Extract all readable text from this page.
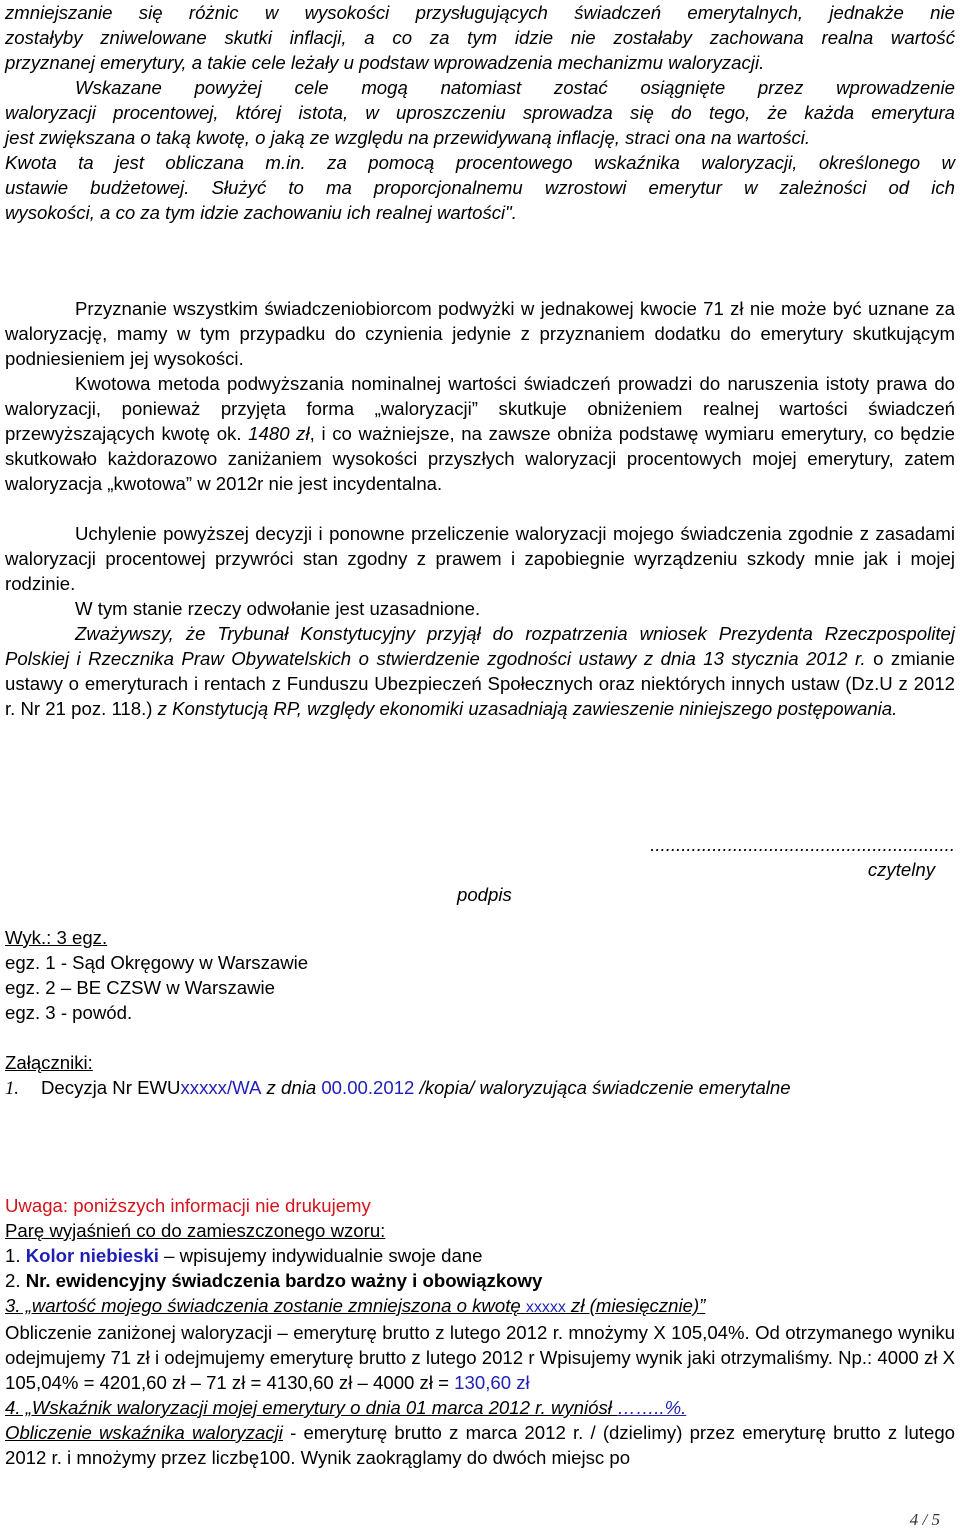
zmniejszanie się różnic w wysokości przysługujących świadczeń emerytalnych, jednakże nie

zostałyby zniwelowane skutki inflacji, a co za tym idzie nie zostałaby zachowana realna wartość

przyznanej emerytury, a takie cele leżały u podstaw wprowadzenia mechanizmu waloryzacji.

Wskazane powyżej cele mogą natomiast zostać osiągnięte przez wprowadzenie

waloryzacji procentowej, której istota, w uproszczeniu sprowadza się do tego, że każda emerytura

jest zwiększana o taką kwotę, o jaką ze względu na przewidywaną inflację, straci ona na wartości.

Kwota ta jest obliczana m.in. za pomocą procentowego wskaźnika waloryzacji, określonego w

ustawie budżetowej. Służyć to ma proporcjonalnemu wzrostowi emerytur w zależności od ich

wysokości, a co za tym idzie zachowaniu ich realnej wartości".

Przyznanie wszystkim świadczeniobiorcom podwyżki w jednakowej kwocie 71 zł nie może być uznane za waloryzację, mamy w tym przypadku do czynienia jedynie z przyznaniem dodatku do emerytury skutkującym podniesieniem jej wysokości.

Kwotowa metoda podwyższania nominalnej wartości świadczeń prowadzi do naruszenia istoty prawa do waloryzacji, ponieważ przyjęta forma „waloryzacji” skutkuje obniżeniem realnej wartości świadczeń przewyższających kwotę ok. 1480 zł, i co ważniejsze, na zawsze obniża podstawę wymiaru emerytury, co będzie skutkowało każdorazowo zaniżaniem wysokości przyszłych waloryzacji procentowych mojej emerytury, zatem waloryzacja „kwotowa” w 2012r nie jest incydentalna.

Uchylenie powyższej decyzji i ponowne przeliczenie waloryzacji mojego świadczenia zgodnie z zasadami waloryzacji procentowej przywróci stan zgodny z prawem i zapobiegnie wyrządzeniu szkody mnie jak i mojej rodzinie.

W tym stanie rzeczy odwołanie jest uzasadnione.

Zważywszy, że Trybunał Konstytucyjny przyjął do rozpatrzenia wniosek Prezydenta Rzeczpospolitej Polskiej i Rzecznika Praw Obywatelskich o stwierdzenie zgodności ustawy z dnia 13 stycznia 2012 r. o zmianie ustawy o emeryturach i rentach z Funduszu Ubezpieczeń Społecznych oraz niektórych innych ustaw (Dz.U z 2012 r. Nr 21 poz. 118.) z Konstytucją RP, względy ekonomiki uzasadniają zawieszenie niniejszego postępowania.

...........................................................
czytelny
podpis

Wyk.: 3 egz.

egz. 1 - Sąd Okręgowy w Warszawie

egz. 2 – BE CZSW w Warszawie

egz. 3 - powód.

Załączniki:

1. Decyzja Nr EWUxxxxx/WA z dnia 00.00.2012 /kopia/ waloryzująca świadczenie emerytalne

Uwaga: poniższych informacji nie drukujemy

Parę wyjaśnień co do zamieszczonego wzoru:

1. Kolor niebieski – wpisujemy indywidualnie swoje dane

2. Nr. ewidencyjny świadczenia bardzo ważny i obowiązkowy

3. „wartość mojego świadczenia zostanie zmniejszona o kwotę xxxxx zł (miesięcznie)”

Obliczenie zaniżonej waloryzacji – emeryturę brutto z lutego 2012 r. mnożymy X 105,04%. Od otrzymanego wyniku odejmujemy 71 zł i odejmujemy emeryturę brutto z lutego 2012 r Wpisujemy wynik jaki otrzymaliśmy. Np.: 4000 zł X 105,04% = 4201,60 zł – 71 zł = 4130,60 zł – 4000 zł = 130,60 zł

4. „Wskaźnik waloryzacji mojej emerytury o dnia 01 marca 2012 r. wyniósł ……..%.

Obliczenie wskaźnika waloryzacji - emeryturę brutto z marca 2012 r. / (dzielimy) przez emeryturę brutto z lutego 2012 r. i mnożymy przez liczbę100. Wynik zaokrąglamy do dwóch miejsc po

4 / 5
